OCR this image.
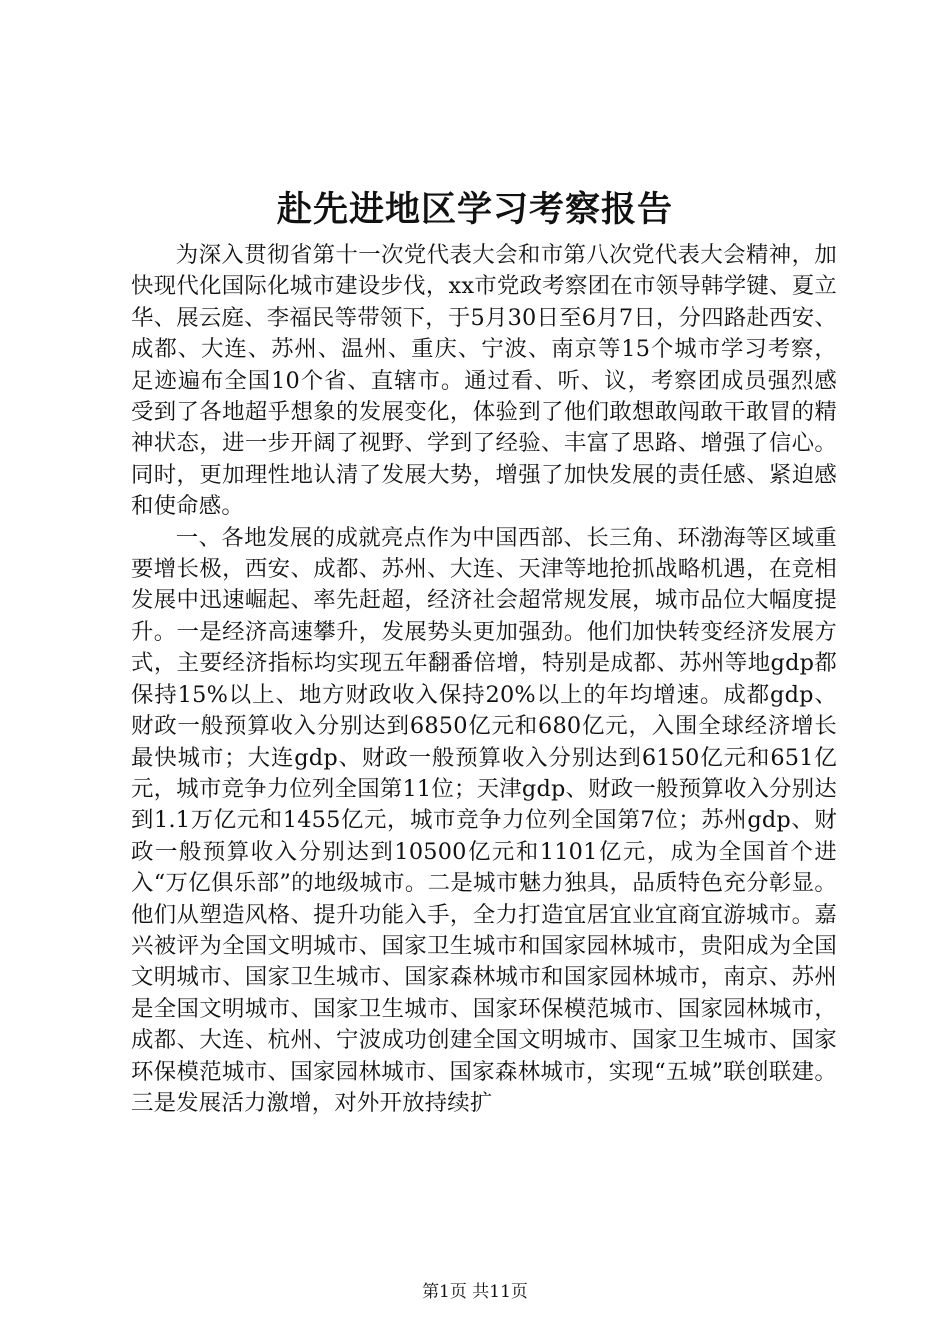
赴先进地区学习考察报告

为深入贯彻省第十一次党代表大会和市第八次党代表大会精神，加快现代化国际化城市建设步伐，xx市党政考察团在市领导韩学键、夏立华、展云庭、李福民等带领下，于5月30日至6月7日，分四路赴西安、成都、大连、苏州、温州、重庆、宁波、南京等15个城市学习考察，足迹遍布全国10个省、直辖市。通过看、听、议，考察团成员强烈感受到了各地超乎想象的发展变化，体验到了他们敢想敢闯敢干敢冒的精神状态，进一步开阔了视野、学到了经验、丰富了思路、增强了信心。同时，更加理性地认清了发展大势，增强了加快发展的责任感、紧迫感和使命感。

一、各地发展的成就亮点作为中国西部、长三角、环渤海等区域重要增长极，西安、成都、苏州、大连、天津等地抢抓战略机遇，在竞相发展中迅速崛起、率先赶超，经济社会超常规发展，城市品位大幅度提升。一是经济高速攀升，发展势头更加强劲。他们加快转变经济发展方式，主要经济指标均实现五年翻番倍增，特别是成都、苏州等地gdp都保持15%以上、地方财政收入保持20%以上的年均增速。成都gdp、财政一般预算收入分别达到6850亿元和680亿元，入围全球经济增长最快城市；大连gdp、财政一般预算收入分别达到6150亿元和651亿元，城市竞争力位列全国第11位；天津gdp、财政一般预算收入分别达到1.1万亿元和1455亿元，城市竞争力位列全国第7位；苏州gdp、财政一般预算收入分别达到10500亿元和1101亿元，成为全国首个进入“万亿俱乐部”的地级城市。二是城市魅力独具，品质特色充分彰显。他们从塑造风格、提升功能入手，全力打造宜居宜业宜商宜游城市。嘉兴被评为全国文明城市、国家卫生城市和国家园林城市，贵阳成为全国文明城市、国家卫生城市、国家森林城市和国家园林城市，南京、苏州是全国文明城市、国家卫生城市、国家环保模范城市、国家园林城市，成都、大连、杭州、宁波成功创建全国文明城市、国家卫生城市、国家环保模范城市、国家园林城市、国家森林城市，实现“五城”联创联建。三是发展活力激增，对外开放持续扩

第1页 共11页
